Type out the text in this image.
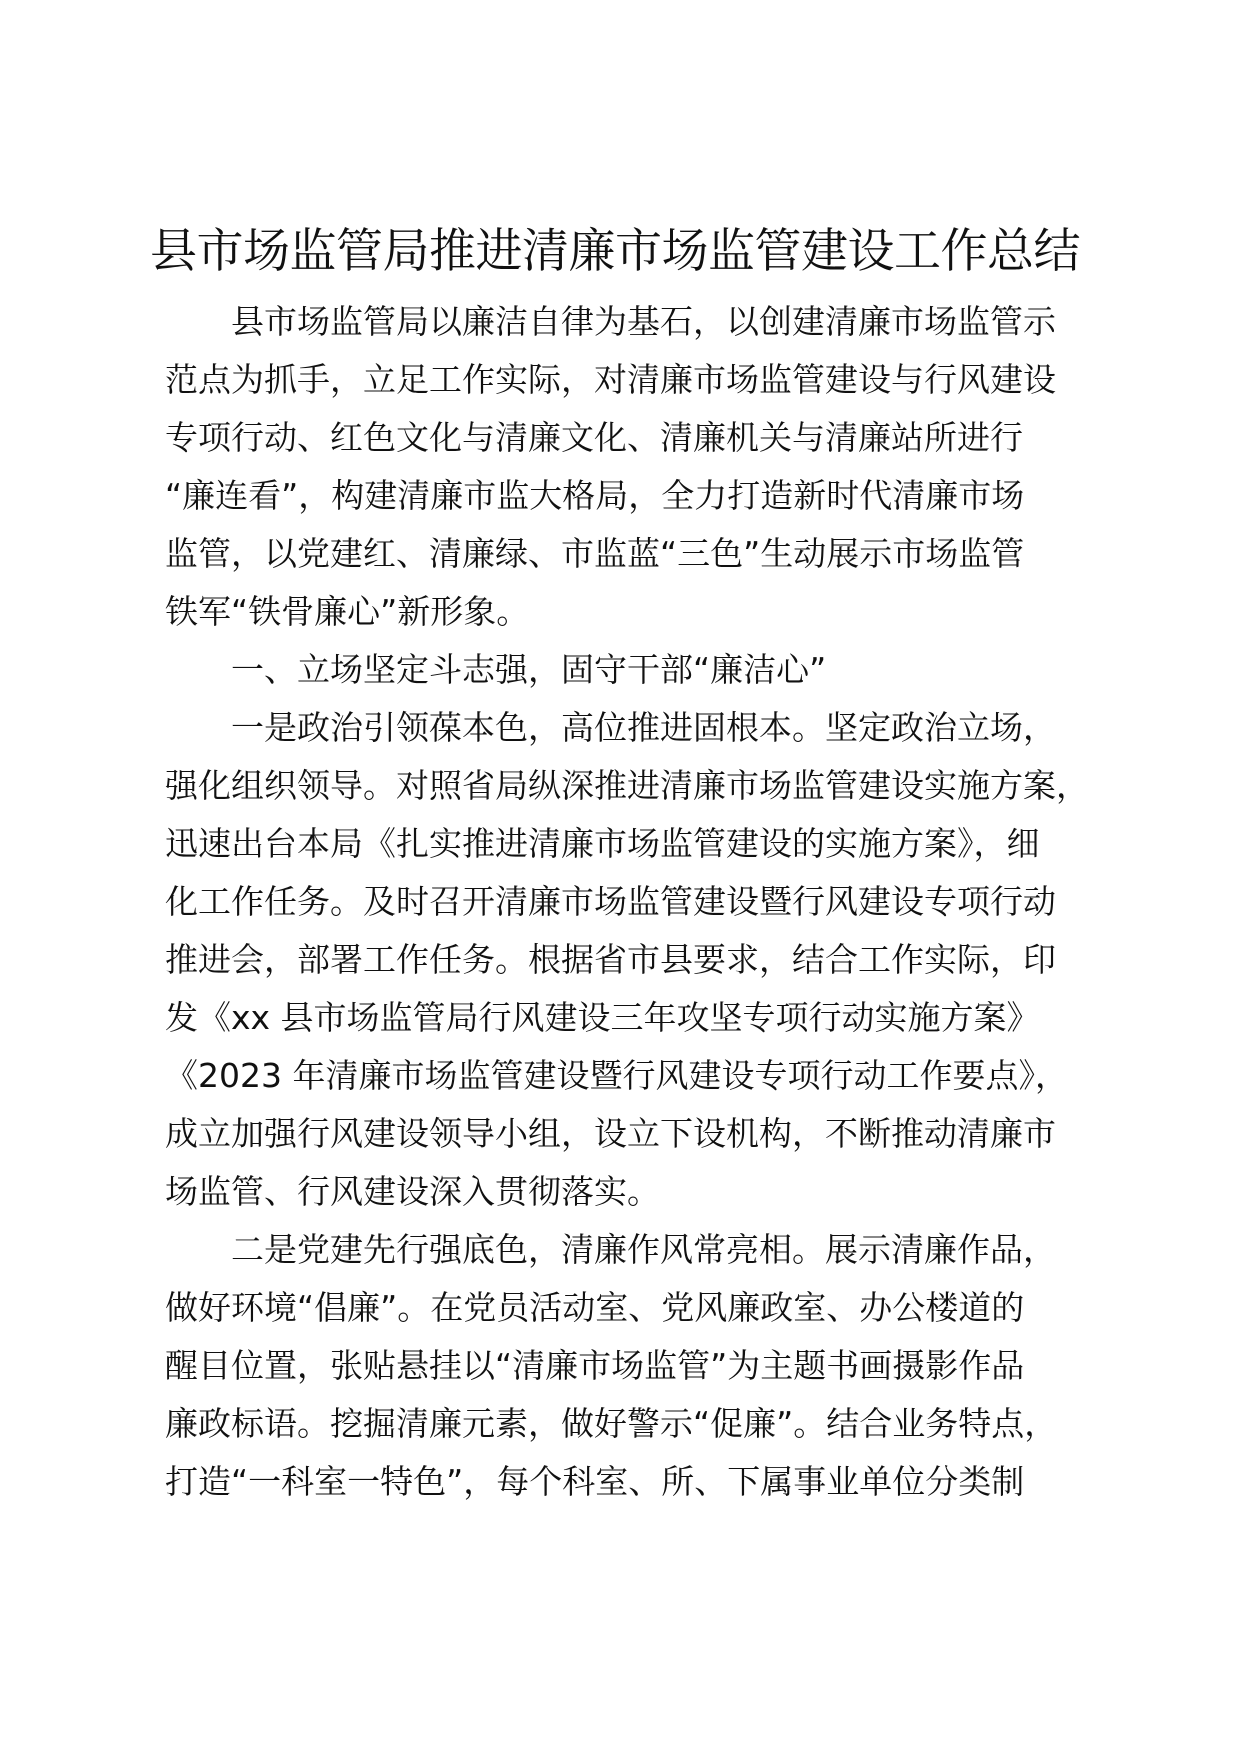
县市场监管局推进清廉市场监管建设工作总结
　　县市场监管局以廉洁自律为基石，以创建清廉市场监管示
范点为抓手，立足工作实际，对清廉市场监管建设与行风建设
专项行动、红色文化与清廉文化、清廉机关与清廉站所进行
“廉连看”，构建清廉市监大格局，全力打造新时代清廉市场
监管，以党建红、清廉绿、市监蓝“三色”生动展示市场监管
铁军“铁骨廉心”新形象。
　　一、立场坚定斗志强，固守干部“廉洁心”
　　一是政治引领葆本色，高位推进固根本。坚定政治立场，
强化组织领导。对照省局纵深推进清廉市场监管建设实施方案，
迅速出台本局《扎实推进清廉市场监管建设的实施方案》，细
化工作任务。及时召开清廉市场监管建设暨行风建设专项行动
推进会，部署工作任务。根据省市县要求，结合工作实际，印
发《xx 县市场监管局行风建设三年攻坚专项行动实施方案》
《2023 年清廉市场监管建设暨行风建设专项行动工作要点》，
成立加强行风建设领导小组，设立下设机构，不断推动清廉市
场监管、行风建设深入贯彻落实。
　　二是党建先行强底色，清廉作风常亮相。展示清廉作品，
做好环境“倡廉”。在党员活动室、党风廉政室、办公楼道的
醒目位置，张贴悬挂以“清廉市场监管”为主题书画摄影作品
廉政标语。挖掘清廉元素，做好警示“促廉”。结合业务特点，
打造“一科室一特色”，每个科室、所、下属事业单位分类制
